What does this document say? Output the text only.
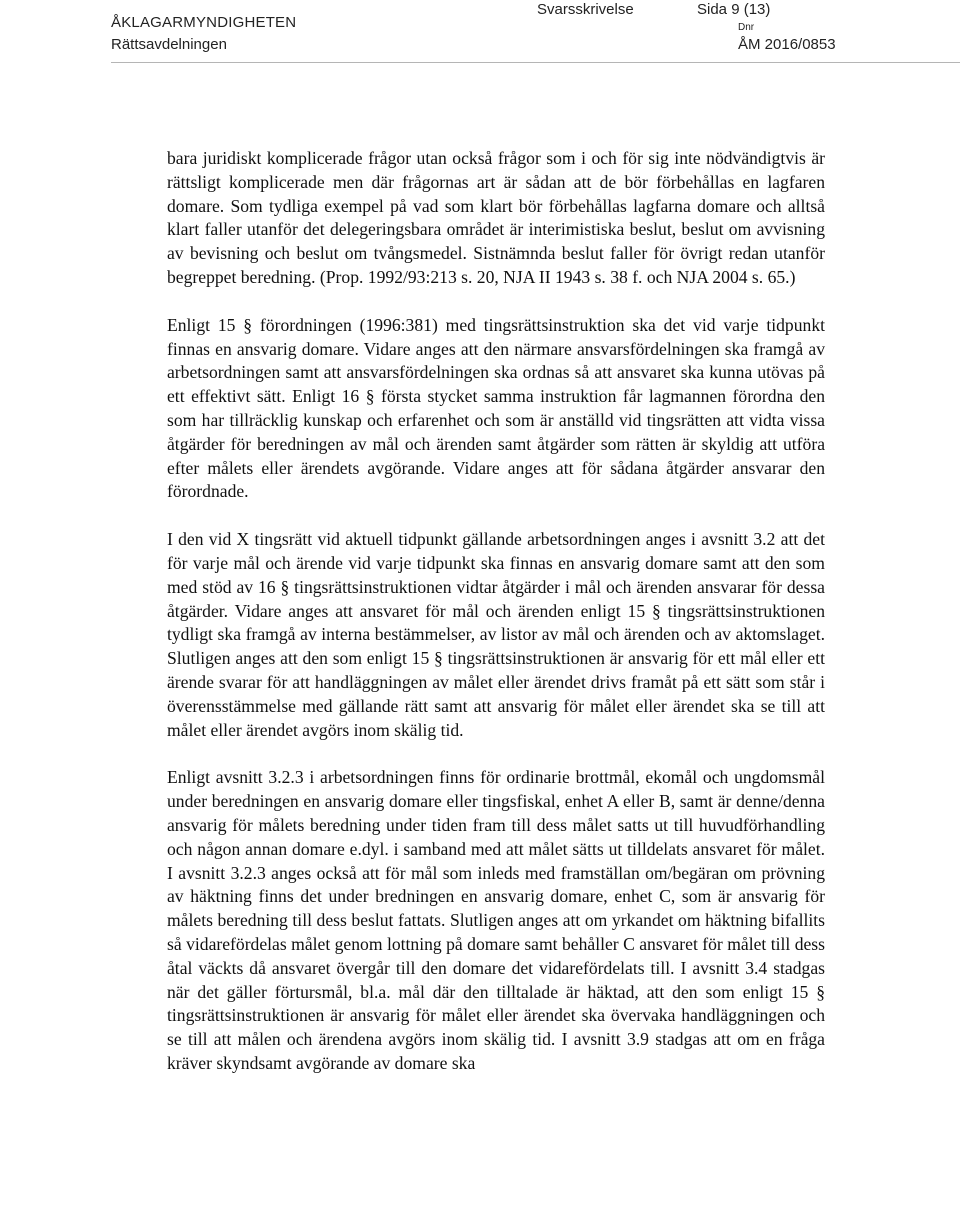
ÅKLAGARMYNDIGHETEN
Rättsavdelningen
Svarsskrivelse	Sida 9 (13)
Dnr
ÅM 2016/0853

bara juridiskt komplicerade frågor utan också frågor som i och för sig inte nödvändigtvis är rättsligt komplicerade men där frågornas art är sådan att de bör förbehållas en lagfaren domare. Som tydliga exempel på vad som klart bör förbehållas lagfarna domare och alltså klart faller utanför det delegeringsbara området är interimistiska beslut, beslut om avvisning av bevisning och beslut om tvångsmedel. Sistnämnda beslut faller för övrigt redan utanför begreppet beredning. (Prop. 1992/93:213 s. 20, NJA II 1943 s. 38 f. och NJA 2004 s. 65.)

Enligt 15 § förordningen (1996:381) med tingsrättsinstruktion ska det vid varje tidpunkt finnas en ansvarig domare. Vidare anges att den närmare ansvarsfördelningen ska framgå av arbetsordningen samt att ansvarsfördelningen ska ordnas så att ansvaret ska kunna utövas på ett effektivt sätt. Enligt 16 § första stycket samma instruktion får lagmannen förordna den som har tillräcklig kunskap och erfarenhet och som är anställd vid tingsrätten att vidta vissa åtgärder för beredningen av mål och ärenden samt åtgärder som rätten är skyldig att utföra efter målets eller ärendets avgörande. Vidare anges att för sådana åtgärder ansvarar den förordnade.

I den vid X tingsrätt vid aktuell tidpunkt gällande arbetsordningen anges i avsnitt 3.2 att det för varje mål och ärende vid varje tidpunkt ska finnas en ansvarig domare samt att den som med stöd av 16 § tingsrättsinstruktionen vidtar åtgärder i mål och ärenden ansvarar för dessa åtgärder. Vidare anges att ansvaret för mål och ärenden enligt 15 § tingsrättsinstruktionen tydligt ska framgå av interna bestämmelser, av listor av mål och ärenden och av aktomslaget. Slutligen anges att den som enligt 15 § tingsrättsinstruktionen är ansvarig för ett mål eller ett ärende svarar för att handläggningen av målet eller ärendet drivs framåt på ett sätt som står i överensstämmelse med gällande rätt samt att ansvarig för målet eller ärendet ska se till att målet eller ärendet avgörs inom skälig tid.

Enligt avsnitt 3.2.3 i arbetsordningen finns för ordinarie brottmål, ekomål och ungdomsmål under beredningen en ansvarig domare eller tingsfiskal, enhet A eller B, samt är denne/denna ansvarig för målets beredning under tiden fram till dess målet satts ut till huvudförhandling och någon annan domare e.dyl. i samband med att målet sätts ut tilldelats ansvaret för målet. I avsnitt 3.2.3 anges också att för mål som inleds med framställan om/begäran om prövning av häktning finns det under bredningen en ansvarig domare, enhet C, som är ansvarig för målets beredning till dess beslut fattats. Slutligen anges att om yrkandet om häktning bifallits så vidarefördelas målet genom lottning på domare samt behåller C ansvaret för målet till dess åtal väckts då ansvaret övergår till den domare det vidarefördelats till. I avsnitt 3.4 stadgas när det gäller förtursmål, bl.a. mål där den tilltalade är häktad, att den som enligt 15 § tingsrättsinstruktionen är ansvarig för målet eller ärendet ska övervaka handläggningen och se till att målen och ärendena avgörs inom skälig tid. I avsnitt 3.9 stadgas att om en fråga kräver skyndsamt avgörande av domare ska
